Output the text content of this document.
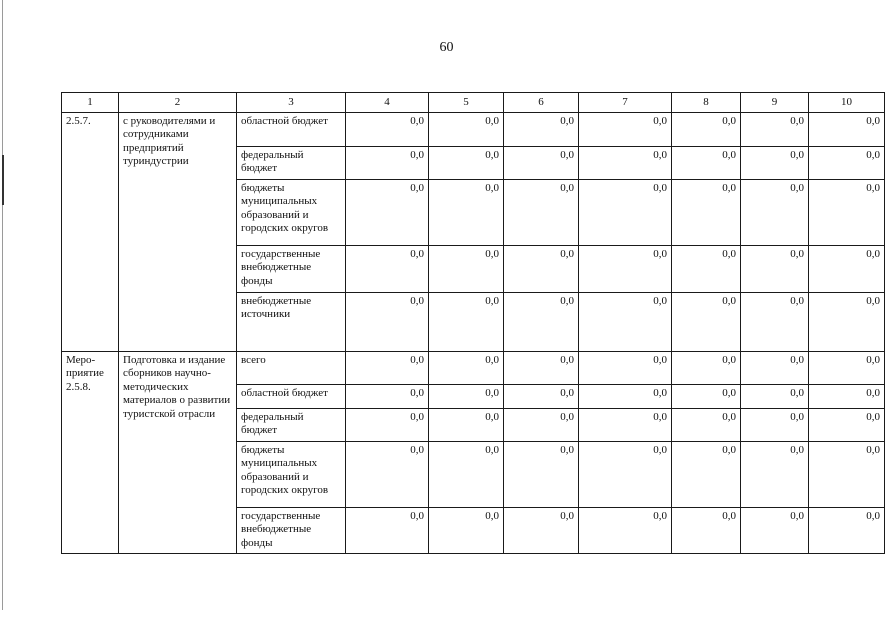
60
1	2	3	4	5	6	7	8	9	10
2.5.7.	с руководителями и сотрудниками предприятий туриндустрии	областной бюджет	0,0	0,0	0,0	0,0	0,0	0,0	0,0
		федеральный бюджет	0,0	0,0	0,0	0,0	0,0	0,0	0,0
		бюджеты муниципальных образований и городских округов	0,0	0,0	0,0	0,0	0,0	0,0	0,0
		государственные внебюджетные фонды	0,0	0,0	0,0	0,0	0,0	0,0	0,0
		внебюджетные источники	0,0	0,0	0,0	0,0	0,0	0,0	0,0
Меро-приятие 2.5.8.	Подготовка и издание сборников научно-методических материалов о развитии туристской отрасли	всего	0,0	0,0	0,0	0,0	0,0	0,0	0,0
		областной бюджет	0,0	0,0	0,0	0,0	0,0	0,0	0,0
		федеральный бюджет	0,0	0,0	0,0	0,0	0,0	0,0	0,0
		бюджеты муниципальных образований и городских округов	0,0	0,0	0,0	0,0	0,0	0,0	0,0
		государственные внебюджетные фонды	0,0	0,0	0,0	0,0	0,0	0,0	0,0
